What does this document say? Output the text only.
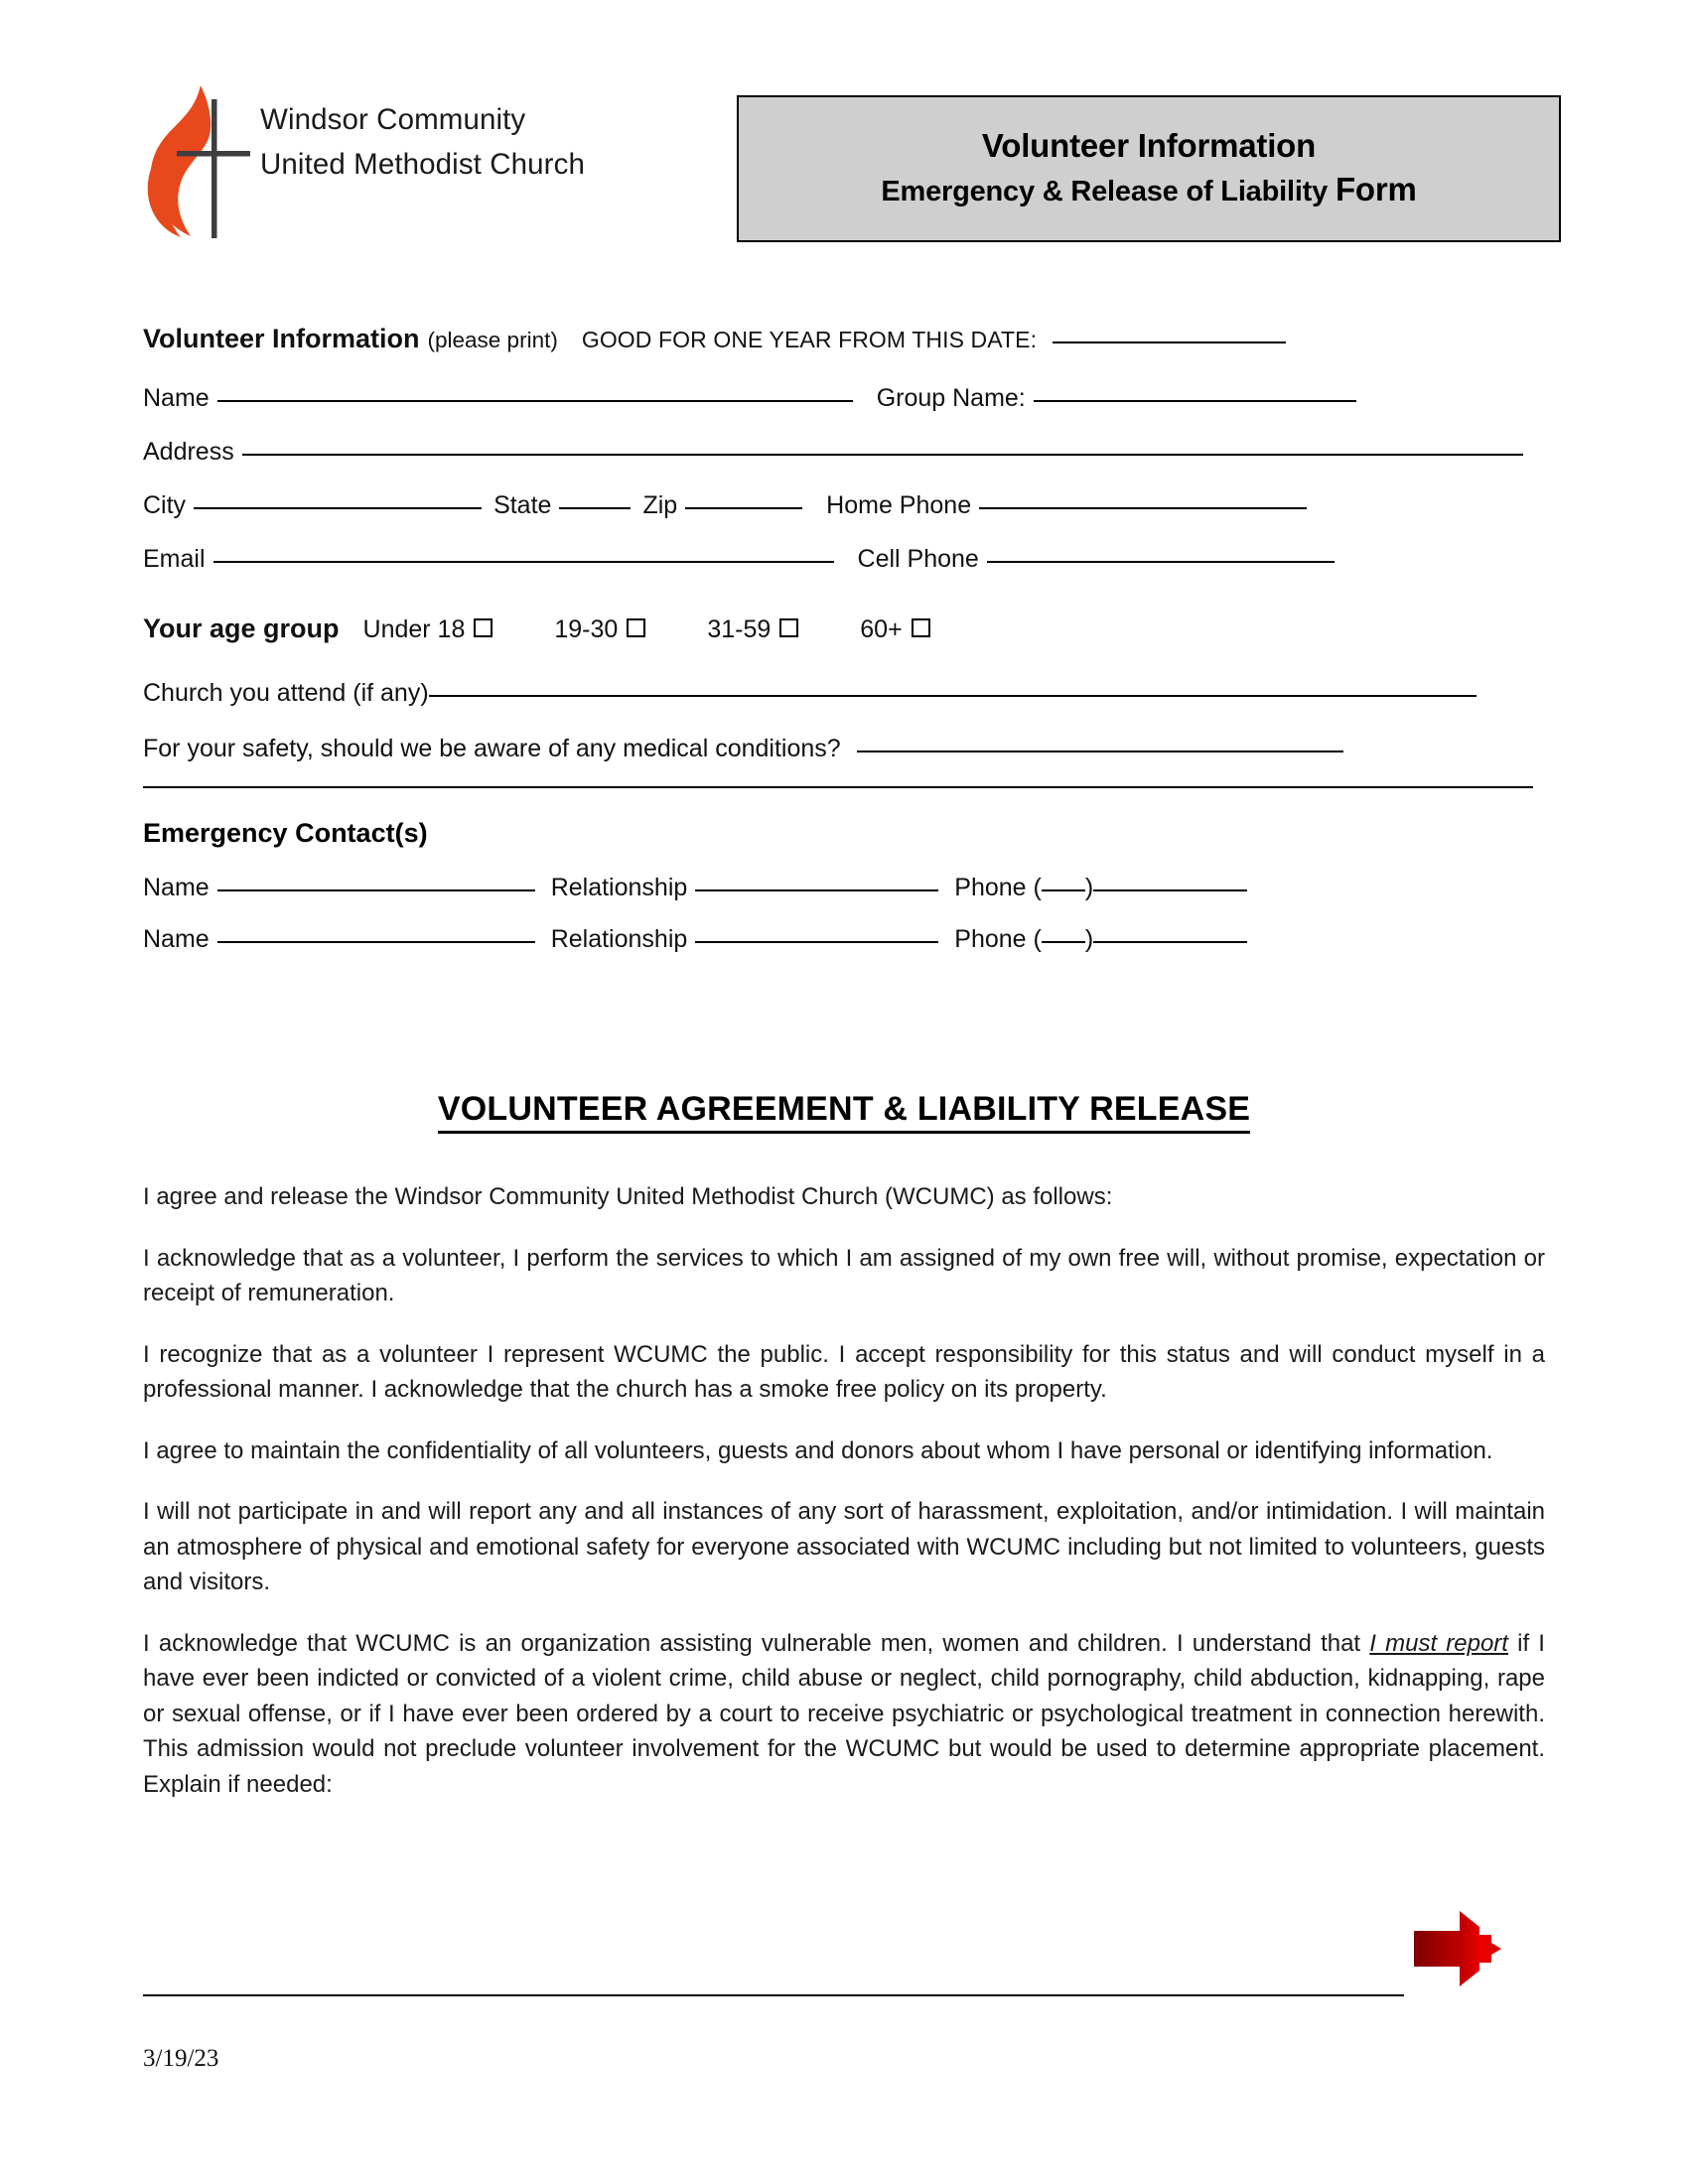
Windsor Community
United Methodist Church
Volunteer Information
Emergency & Release of Liability Form
Volunteer Information (please print) GOOD FOR ONE YEAR FROM THIS DATE:
Name	Group Name:
Address
City	State	Zip	Home Phone
Email	Cell Phone
Your age group Under 18	19-30	31-59	60+
Church you attend (if any)
For your safety, should we be aware of any medical conditions?
Emergency Contact(s)
Name	Relationship	Phone ( )
Name	Relationship	Phone ( )
VOLUNTEER AGREEMENT & LIABILITY RELEASE

I agree and release the Windsor Community United Methodist Church (WCUMC) as follows:

I acknowledge that as a volunteer, I perform the services to which I am assigned of my own free will, without promise, expectation or receipt of remuneration.

I recognize that as a volunteer I represent WCUMC the public. I accept responsibility for this status and will conduct myself in a professional manner. I acknowledge that the church has a smoke free policy on its property.

I agree to maintain the confidentiality of all volunteers, guests and donors about whom I have personal or identifying information.

I will not participate in and will report any and all instances of any sort of harassment, exploitation, and/or intimidation. I will maintain an atmosphere of physical and emotional safety for everyone associated with WCUMC including but not limited to volunteers, guests and visitors.

I acknowledge that WCUMC is an organization assisting vulnerable men, women and children. I understand that I must report if I have ever been indicted or convicted of a violent crime, child abuse or neglect, child pornography, child abduction, kidnapping, rape or sexual offense, or if I have ever been ordered by a court to receive psychiatric or psychological treatment in connection herewith. This admission would not preclude volunteer involvement for the WCUMC but would be used to determine appropriate placement. Explain if needed:

3/19/23
